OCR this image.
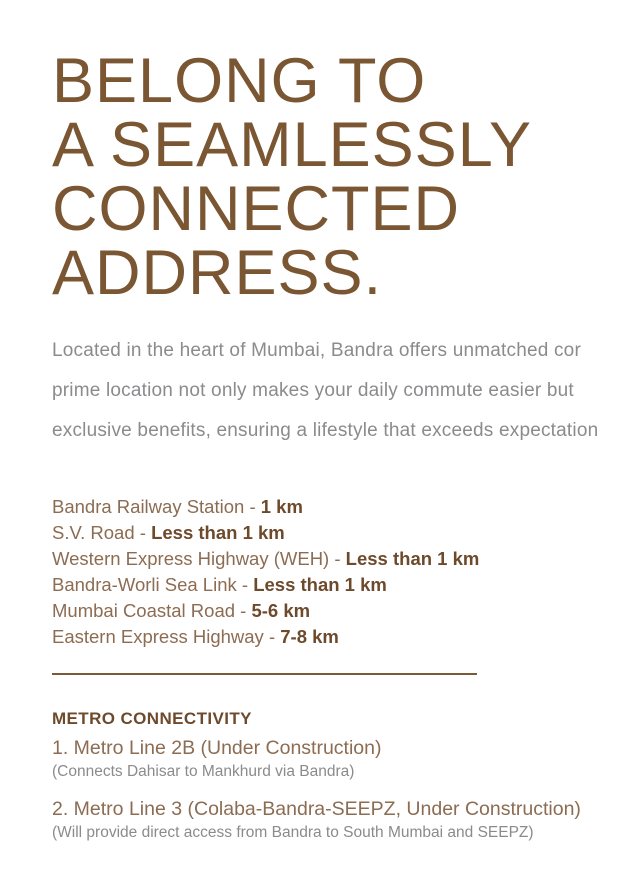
BELONG TO
A SEAMLESSLY
CONNECTED
ADDRESS.
Located in the heart of Mumbai, Bandra offers unmatched cor
prime location not only makes your daily commute easier but
exclusive benefits, ensuring a lifestyle that exceeds expectation
Bandra Railway Station - 1 km
S.V. Road - Less than 1 km
Western Express Highway (WEH) - Less than 1 km
Bandra-Worli Sea Link - Less than 1 km
Mumbai Coastal Road - 5-6 km
Eastern Express Highway - 7-8 km
METRO CONNECTIVITY
1. Metro Line 2B (Under Construction)
(Connects Dahisar to Mankhurd via Bandra)
2. Metro Line 3 (Colaba-Bandra-SEEPZ, Under Construction)
(Will provide direct access from Bandra to South Mumbai and SEEPZ)
